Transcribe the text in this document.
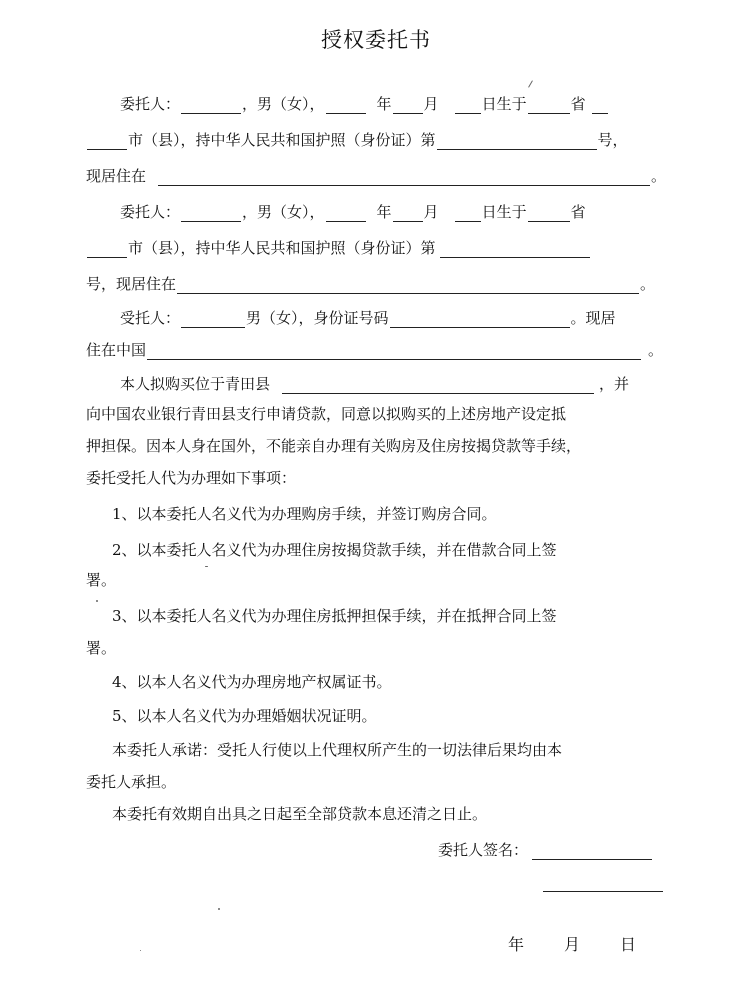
授权委托书
委托人：	，男（女），	年 月	日生于	省
市（县），持中华人民共和国护照（身份证）第	号，
现居住在	。
委托人：	，男（女），	年 月	日生于	省
市（县），持中华人民共和国护照（身份证）第
号，现居住在	。
受托人：	男（女），身份证号码	。现居
住在中国	。
本人拟购买位于青田县	，并
向中国农业银行青田县支行申请贷款，同意以拟购买的上述房地产设定抵
押担保。因本人身在国外，不能亲自办理有关购房及住房按揭贷款等手续，
委托受托人代为办理如下事项：
1、以本委托人名义代为办理购房手续，并签订购房合同。
2、以本委托人名义代为办理住房按揭贷款手续，并在借款合同上签
署。
3、以本委托人名义代为办理住房抵押担保手续，并在抵押合同上签
署。
4、以本人名义代为办理房地产权属证书。
5、以本人名义代为办理婚姻状况证明。
本委托人承诺：受托人行使以上代理权所产生的一切法律后果均由本
委托人承担。
本委托有效期自出具之日起至全部贷款本息还清之日止。
委托人签名：
年 月 日
